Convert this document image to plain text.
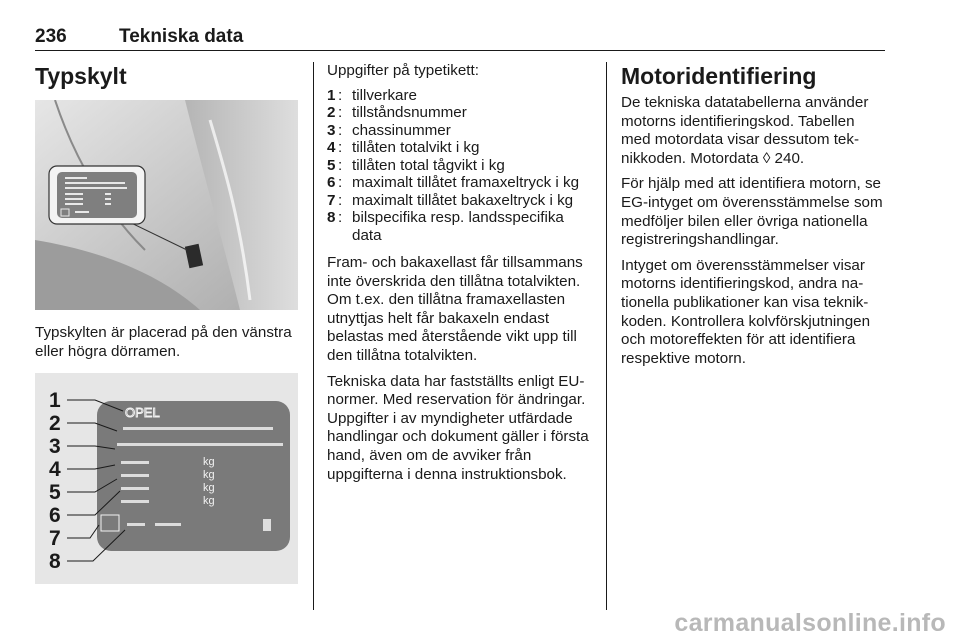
236	Tekniska data
Typskylt

Typskylten är placerad på den vänstra eller högra dörramen.

1
2
3
4
5
6
7
8
OPEL
kg
kg
kg
kg

Uppgifter på typetikett:

1 : tillverkare
2 : tillståndsnummer
3 : chassinummer
4 : tillåten totalvikt i kg
5 : tillåten total tågvikt i kg
6 : maximalt tillåtet framaxeltryck i kg
7 : maximalt tillåtet bakaxeltryck i kg
8 : bilspecifika resp. landsspecifika data

Fram- och bakaxellast får tillsammans inte överskrida den tillåtna totalvikten. Om t.ex. den tillåtna framaxellasten utnyttjas helt får bakaxeln endast belastas med återstående vikt upp till den tillåtna totalvikten.

Tekniska data har fastställts enligt EU-normer. Med reservation för ändringar. Uppgifter i av myndigheter utfärdade handlingar och dokument gäller i första hand, även om de avviker från uppgifterna i denna instruktionsbok.

Motoridentifiering

De tekniska datatabellerna använder motorns identifieringskod. Tabellen med motordata visar dessutom teknikkoden. Motordata ◊ 240.

För hjälp med att identifiera motorn, se EG-intyget om överensstämmelse som medföljer bilen eller övriga nationella registreringshandlingar.

Intyget om överensstämmelser visar motorns identifieringskod, andra nationella publikationer kan visa teknikkoden. Kontrollera kolvförskjutningen och motoreffekten för att identifiera respektive motorn.

carmanualsonline.info
